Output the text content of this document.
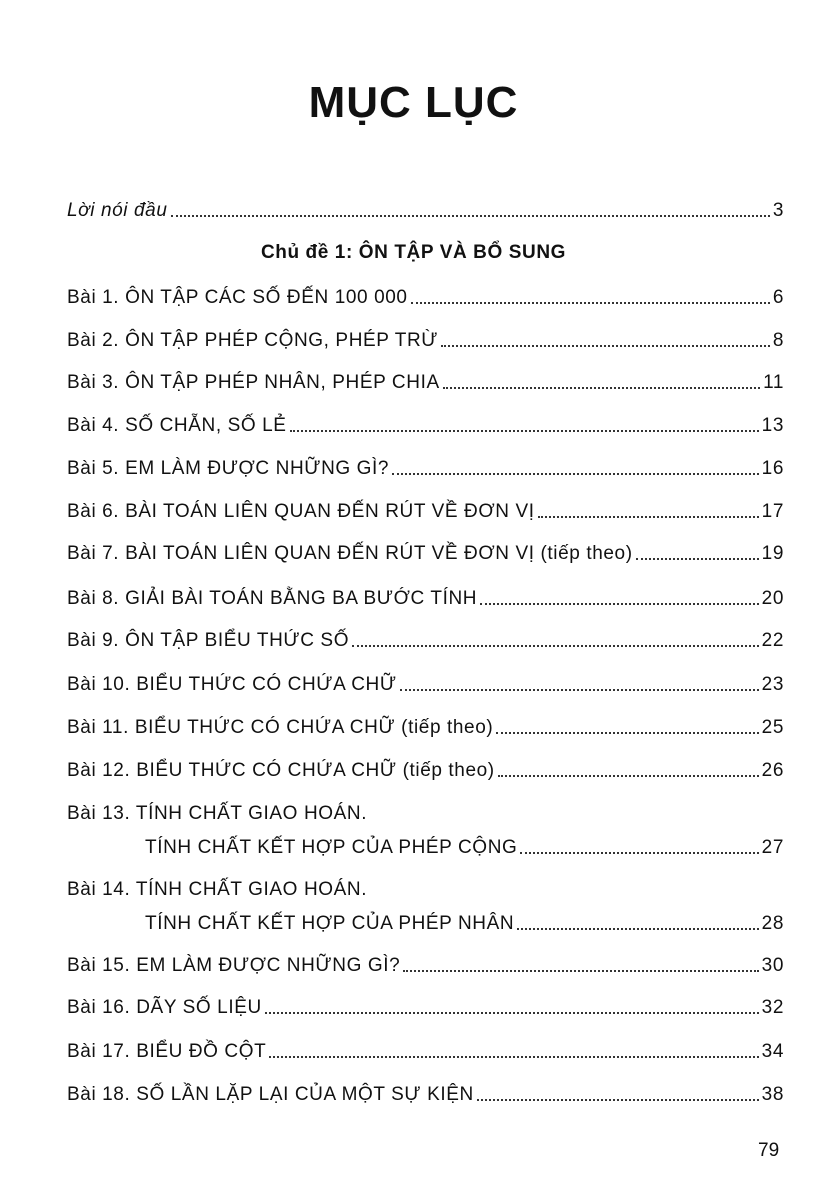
MỤC LỤC
Lời nói đầu	3
Chủ đề 1: ÔN TẬP VÀ BỔ SUNG
Bài 1. ÔN TẬP CÁC SỐ ĐẾN 100 000	6
Bài 2. ÔN TẬP PHÉP CỘNG, PHÉP TRỪ	8
Bài 3. ÔN TẬP PHÉP NHÂN, PHÉP CHIA	11
Bài 4. SỐ CHẴN, SỐ LẺ	13
Bài 5. EM LÀM ĐƯỢC NHỮNG GÌ?	16
Bài 6. BÀI TOÁN LIÊN QUAN ĐẾN RÚT VỀ ĐƠN VỊ	17
Bài 7. BÀI TOÁN LIÊN QUAN ĐẾN RÚT VỀ ĐƠN VỊ (tiếp theo)	19
Bài 8. GIẢI BÀI TOÁN BẰNG BA BƯỚC TÍNH	20
Bài 9. ÔN TẬP BIỂU THỨC SỐ	22
Bài 10. BIỂU THỨC CÓ CHỨA CHỮ	23
Bài 11. BIỂU THỨC CÓ CHỨA CHỮ (tiếp theo)	25
Bài 12. BIỂU THỨC CÓ CHỨA CHỮ (tiếp theo)	26
Bài 13. TÍNH CHẤT GIAO HOÁN.
TÍNH CHẤT KẾT HỢP CỦA PHÉP CỘNG	27
Bài 14. TÍNH CHẤT GIAO HOÁN.
TÍNH CHẤT KẾT HỢP CỦA PHÉP NHÂN	28
Bài 15. EM LÀM ĐƯỢC NHỮNG GÌ?	30
Bài 16. DÃY SỐ LIỆU	32
Bài 17. BIỂU ĐỒ CỘT	34
Bài 18. SỐ LẦN LẶP LẠI CỦA MỘT SỰ KIỆN	38
79
